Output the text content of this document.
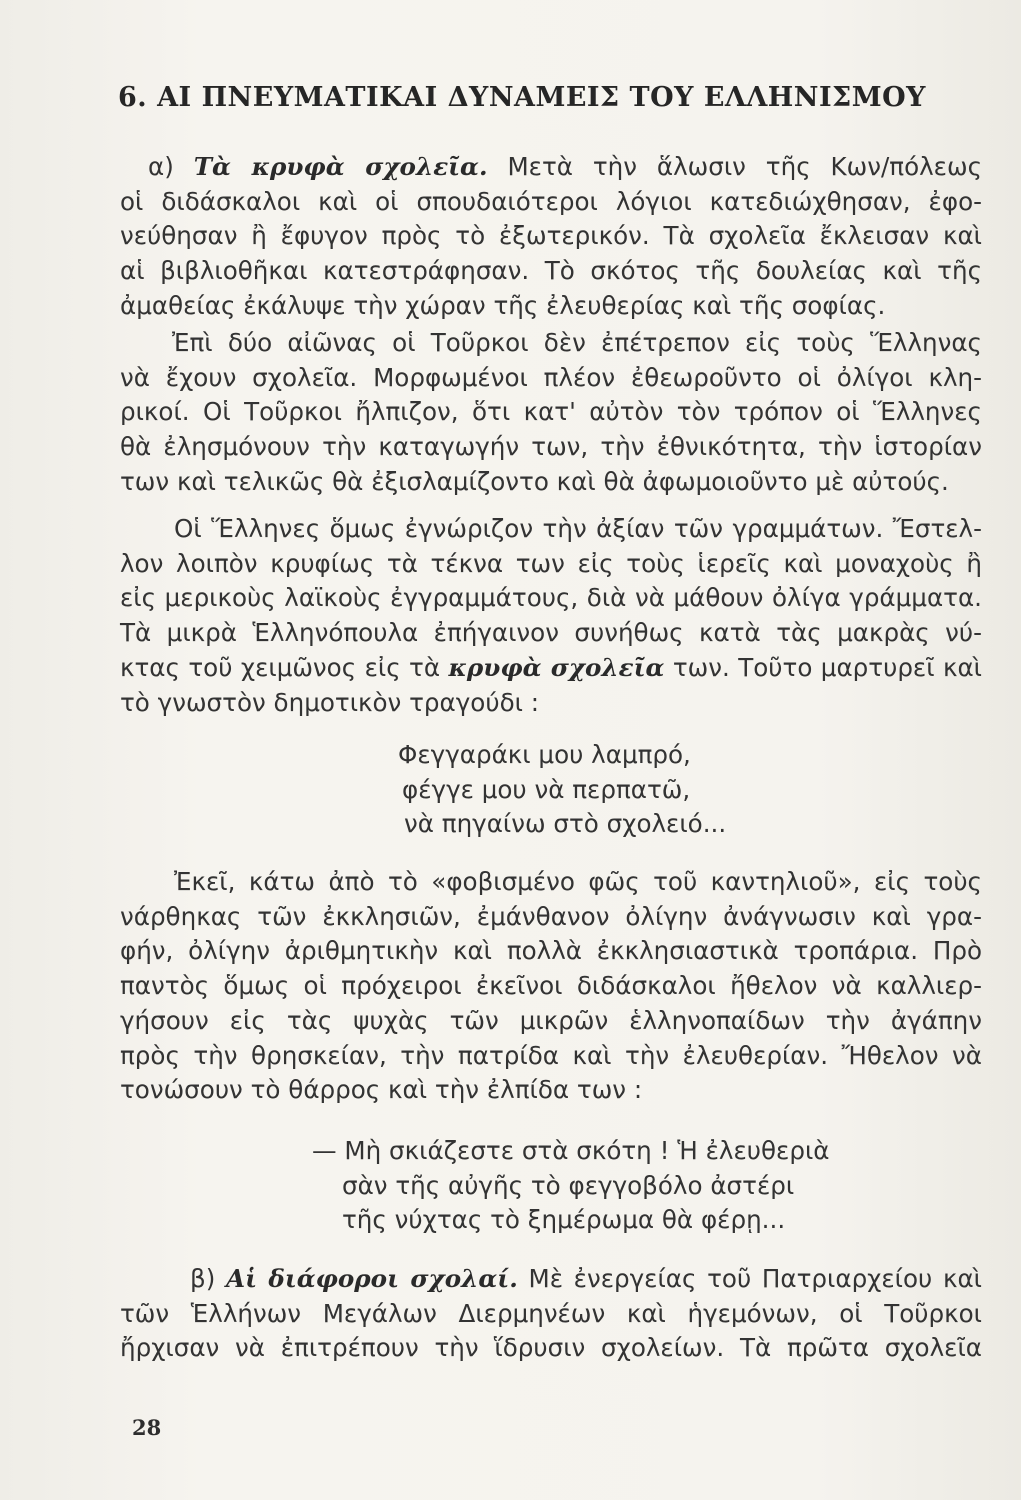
6. ΑΙ ΠΝΕΥΜΑΤΙΚΑΙ ΔΥΝΑΜΕΙΣ ΤΟΥ ΕΛΛΗΝΙΣΜΟΥ
α) Τὰ κρυφὰ σχολεῖα. Μετὰ τὴν ἅλωσιν τῆς Κων/πόλεως
οἱ διδάσκαλοι καὶ οἱ σπουδαιότεροι λόγιοι κατεδιώχθησαν, ἐφο-
νεύθησαν ἢ ἔφυγον πρὸς τὸ ἐξωτερικόν. Τὰ σχολεῖα ἔκλεισαν καὶ
αἱ βιβλιοθῆκαι κατεστράφησαν. Τὸ σκότος τῆς δουλείας καὶ τῆς
ἀμαθείας ἐκάλυψε τὴν χώραν τῆς ἐλευθερίας καὶ τῆς σοφίας.
Ἐπὶ δύο αἰῶνας οἱ Τοῦρκοι δὲν ἐπέτρεπον εἰς τοὺς Ἕλληνας
νὰ ἔχουν σχολεῖα. Μορφωμένοι πλέον ἐθεωροῦντο οἱ ὀλίγοι κλη-
ρικοί. Οἱ Τοῦρκοι ἤλπιζον, ὅτι κατ' αὐτὸν τὸν τρόπον οἱ Ἕλληνες
θὰ ἐλησμόνουν τὴν καταγωγήν των, τὴν ἐθνικότητα, τὴν ἱστορίαν
των καὶ τελικῶς θὰ ἐξισλαμίζοντο καὶ θὰ ἀφωμοιοῦντο μὲ αὐτούς.
Οἱ Ἕλληνες ὅμως ἐγνώριζον τὴν ἀξίαν τῶν γραμμάτων. Ἔστελ-
λον λοιπὸν κρυφίως τὰ τέκνα των εἰς τοὺς ἱερεῖς καὶ μοναχοὺς ἢ
εἰς μερικοὺς λαϊκοὺς ἐγγραμμάτους, διὰ νὰ μάθουν ὀλίγα γράμματα.
Τὰ μικρὰ Ἑλληνόπουλα ἐπήγαινον συνήθως κατὰ τὰς μακρὰς νύ-
κτας τοῦ χειμῶνος εἰς τὰ κρυφὰ σχολεῖα των. Τοῦτο μαρτυρεῖ καὶ
τὸ γνωστὸν δημοτικὸν τραγούδι :
Φεγγαράκι μου λαμπρό,
φέγγε μου νὰ περπατῶ,
νὰ πηγαίνω στὸ σχολειό...
Ἐκεῖ, κάτω ἀπὸ τὸ «φοβισμένο φῶς τοῦ καντηλιοῦ», εἰς τοὺς
νάρθηκας τῶν ἐκκλησιῶν, ἐμάνθανον ὀλίγην ἀνάγνωσιν καὶ γρα-
φήν, ὀλίγην ἀριθμητικὴν καὶ πολλὰ ἐκκλησιαστικὰ τροπάρια. Πρὸ
παντὸς ὅμως οἱ πρόχειροι ἐκεῖνοι διδάσκαλοι ἤθελον νὰ καλλιερ-
γήσουν εἰς τὰς ψυχὰς τῶν μικρῶν ἑλληνοπαίδων τὴν ἀγάπην
πρὸς τὴν θρησκείαν, τὴν πατρίδα καὶ τὴν ἐλευθερίαν. Ἤθελον νὰ
τονώσουν τὸ θάρρος καὶ τὴν ἐλπίδα των :
— Μὴ σκιάζεστε στὰ σκότη ! Ἡ ἐλευθεριὰ
σὰν τῆς αὐγῆς τὸ φεγγοβόλο ἀστέρι
τῆς νύχτας τὸ ξημέρωμα θὰ φέρῃ...
β) Αἱ διάφοροι σχολαί. Μὲ ἐνεργείας τοῦ Πατριαρχείου καὶ
τῶν Ἑλλήνων Μεγάλων Διερμηνέων καὶ ἡγεμόνων, οἱ Τοῦρκοι
ἤρχισαν νὰ ἐπιτρέπουν τὴν ἵδρυσιν σχολείων. Τὰ πρῶτα σχολεῖα
28
